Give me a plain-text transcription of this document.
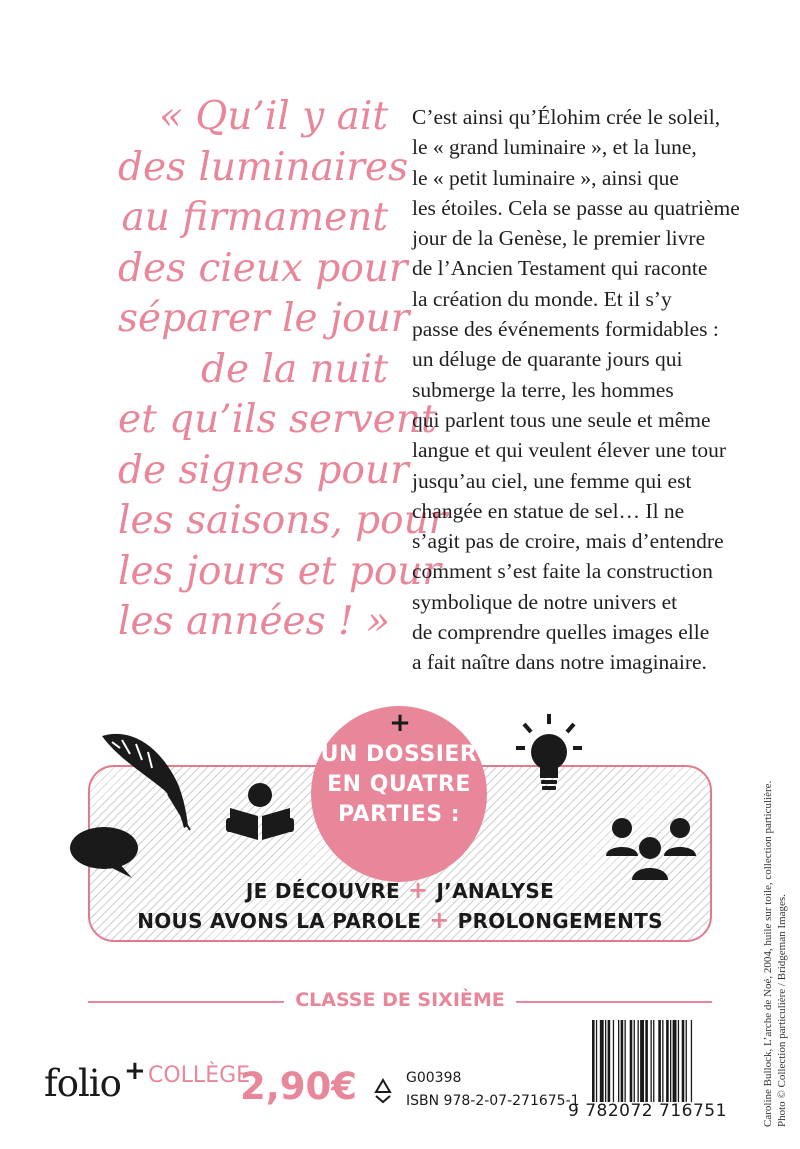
« Qu’il y ait
des luminaires
au firmament
des cieux pour
séparer le jour
de la nuit
et qu’ils servent
de signes pour
les saisons, pour
les jours et pour
les années ! »
C’est ainsi qu’Élohim crée le soleil,
le « grand luminaire », et la lune,
le « petit luminaire », ainsi que
les étoiles. Cela se passe au quatrième
jour de la Genèse, le premier livre
de l’Ancien Testament qui raconte
la création du monde. Et il s’y
passe des événements formidables :
un déluge de quarante jours qui
submerge la terre, les hommes
qui parlent tous une seule et même
langue et qui veulent élever une tour
jusqu’au ciel, une femme qui est
changée en statue de sel… Il ne
s’agit pas de croire, mais d’entendre
comment s’est faite la construction
symbolique de notre univers et
de comprendre quelles images elle
a fait naître dans notre imaginaire.
+
UN DOSSIER
EN QUATRE
PARTIES :
JE DÉCOUVRE + J’ANALYSE
NOUS AVONS LA PAROLE + PROLONGEMENTS
CLASSE DE SIXIÈME
folio + COLLÈGE
2,90€	G00398
ISBN 978-2-07-271675-1
9 782072 716751	Caroline Bullock, L’arche de Noé, 2004, huile sur toile, collection particulière. Photo © Collection particulière / Bridgeman Images.
